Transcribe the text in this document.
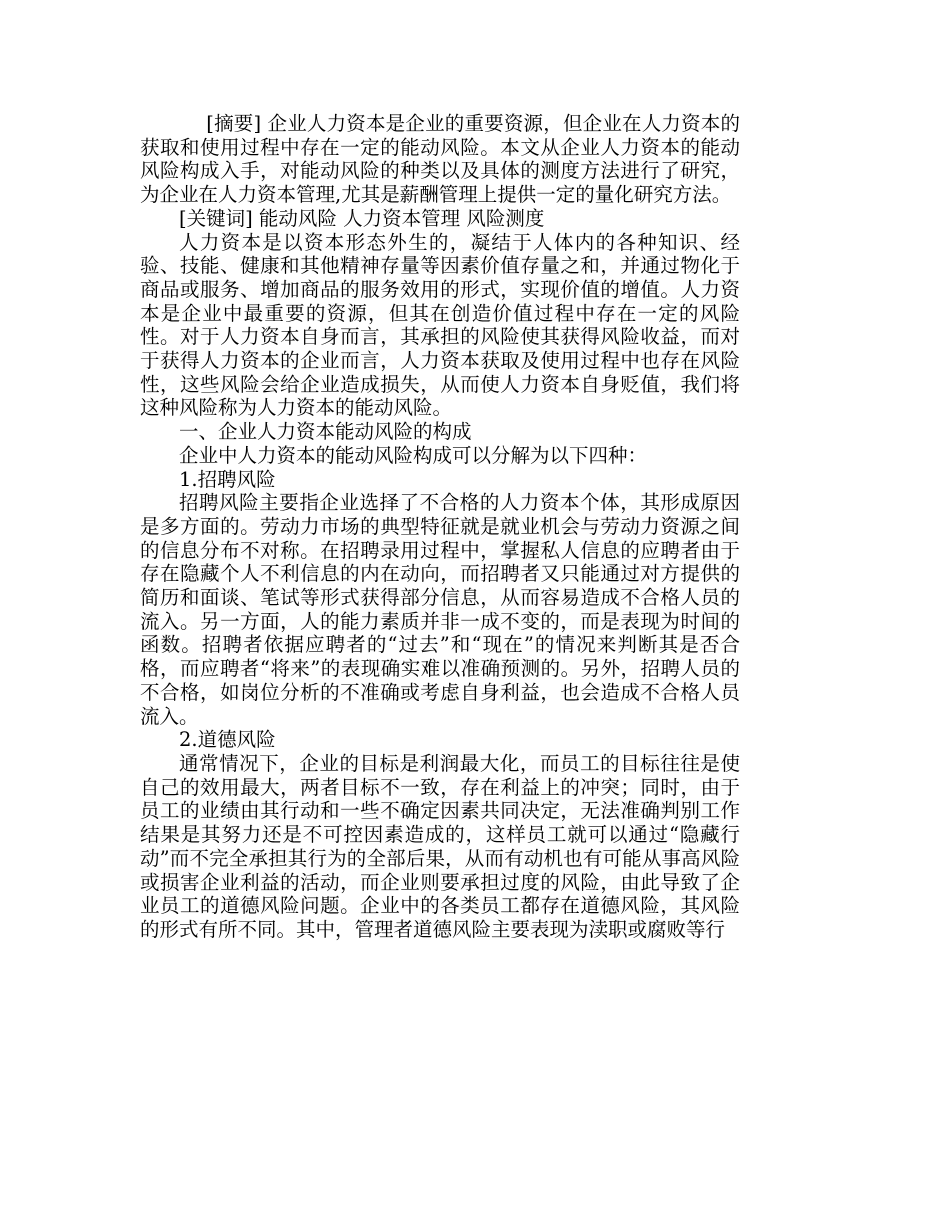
[摘要] 企业人力资本是企业的重要资源，但企业在人力资本的获取和使用过程中存在一定的能动风险。本文从企业人力资本的能动风险构成入手，对能动风险的种类以及具体的测度方法进行了研究，为企业在人力资本管理,尤其是薪酬管理上提供一定的量化研究方法。

[关键词] 能动风险 人力资本管理 风险测度

人力资本是以资本形态外生的，凝结于人体内的各种知识、经验、技能、健康和其他精神存量等因素价值存量之和，并通过物化于商品或服务、增加商品的服务效用的形式，实现价值的增值。人力资本是企业中最重要的资源，但其在创造价值过程中存在一定的风险性。对于人力资本自身而言，其承担的风险使其获得风险收益，而对于获得人力资本的企业而言，人力资本获取及使用过程中也存在风险性，这些风险会给企业造成损失，从而使人力资本自身贬值，我们将这种风险称为人力资本的能动风险。

一、企业人力资本能动风险的构成

企业中人力资本的能动风险构成可以分解为以下四种：

1.招聘风险

招聘风险主要指企业选择了不合格的人力资本个体，其形成原因是多方面的。劳动力市场的典型特征就是就业机会与劳动力资源之间的信息分布不对称。在招聘录用过程中，掌握私人信息的应聘者由于存在隐藏个人不利信息的内在动向，而招聘者又只能通过对方提供的简历和面谈、笔试等形式获得部分信息，从而容易造成不合格人员的流入。另一方面，人的能力素质并非一成不变的，而是表现为时间的函数。招聘者依据应聘者的“过去”和“现在”的情况来判断其是否合格，而应聘者“将来”的表现确实难以准确预测的。另外，招聘人员的不合格，如岗位分析的不准确或考虑自身利益，也会造成不合格人员流入。

2.道德风险

通常情况下，企业的目标是利润最大化，而员工的目标往往是使自己的效用最大，两者目标不一致，存在利益上的冲突；同时，由于员工的业绩由其行动和一些不确定因素共同决定，无法准确判别工作结果是其努力还是不可控因素造成的，这样员工就可以通过“隐藏行动”而不完全承担其行为的全部后果，从而有动机也有可能从事高风险或损害企业利益的活动，而企业则要承担过度的风险，由此导致了企业员工的道德风险问题。企业中的各类员工都存在道德风险，其风险的形式有所不同。其中，管理者道德风险主要表现为渎职或腐败等行
